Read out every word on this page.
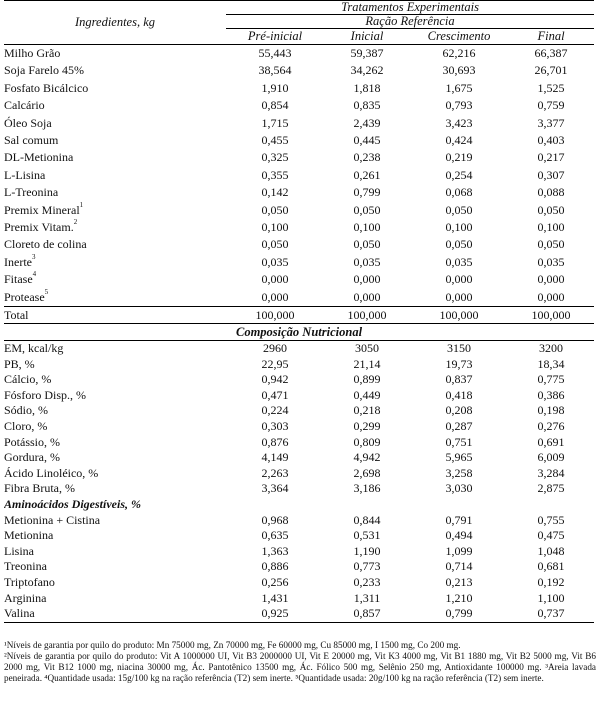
Ingredientes, kg	Tratamentos Experimentais			
	Ração Referência			
	Pré-inicial	Inicial	Crescimento	Final
Milho Grão	55,443	59,387	62,216	66,387
Soja Farelo 45%	38,564	34,262	30,693	26,701
Fosfato Bicálcico	1,910	1,818	1,675	1,525
Calcário	0,854	0,835	0,793	0,759
Óleo Soja	1,715	2,439	3,423	3,377
Sal comum	0,455	0,445	0,424	0,403
DL-Metionina	0,325	0,238	0,219	0,217
L-Lisina	0,355	0,261	0,254	0,307
L-Treonina	0,142	0,799	0,068	0,088
Premix Mineral$^1$	0,050	0,050	0,050	0,050
Premix Vitam.$^2$	0,100	0,100	0,100	0,100
Cloreto de colina	0,050	0,050	0,050	0,050
Inerte$^3$	0,035	0,035	0,035	0,035
Fitase$^4$	0,000	0,000	0,000	0,000
Protease$^5$	0,000	0,000	0,000	0,000
Total	100,000	100,000	100,000	100,000
Composição Nutricional				
EM, kcal/kg	2960	3050	3150	3200
PB, %	22,95	21,14	19,73	18,34
Cálcio, %	0,942	0,899	0,837	0,775
Fósforo Disp., %	0,471	0,449	0,418	0,386
Sódio, %	0,224	0,218	0,208	0,198
Cloro, %	0,303	0,299	0,287	0,276
Potássio, %	0,876	0,809	0,751	0,691
Gordura, %	4,149	4,942	5,965	6,009
Ácido Linoléico, %	2,263	2,698	3,258	3,284
Fibra Bruta, %	3,364	3,186	3,030	2,875
Aminoácidos Digestíveis, %				
Metionina + Cistina	0,968	0,844	0,791	0,755
Metionina	0,635	0,531	0,494	0,475
Lisina	1,363	1,190	1,099	1,048
Treonina	0,886	0,773	0,714	0,681
Triptofano	0,256	0,233	0,213	0,192
Arginina	1,431	1,311	1,210	1,100
Valina	0,925	0,857	0,799	0,737

¹Níveis de garantia por quilo do produto: Mn 75000 mg, Zn 70000 mg, Fe 60000 mg, Cu 85000 mg, I 1500 mg, Co 200 mg.

²Níveis de garantia por quilo do produto: Vit A 1000000 UI, Vit B3 2000000 UI, Vit E 20000 mg, Vit K3 4000 mg, Vit B1 1880 mg, Vit B2 5000 mg, Vit B6 2000 mg, Vit B12 1000 mg, niacina 30000 mg, Ác. Pantotênico 13500 mg, Ác. Fólico 500 mg, Selênio 250 mg, Antioxidante 100000 mg. ³Areia lavada peneirada. ⁴Quantidade usada: 15g/100 kg na ração referência (T2) sem inerte. ⁵Quantidade usada: 20g/100 kg na ração referência (T2) sem inerte.
